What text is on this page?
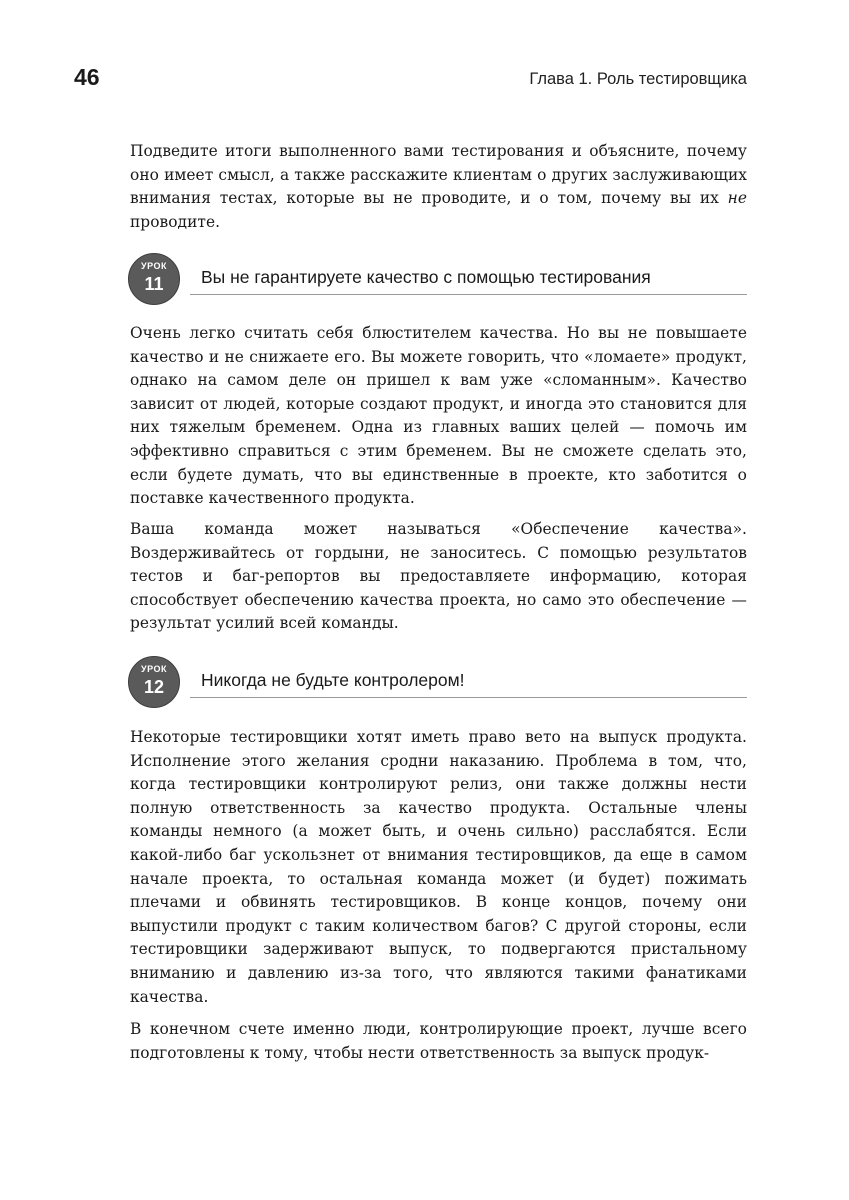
46	Глава 1. Роль тестировщика

Подведите итоги выполненного вами тестирования и объясните, почему оно имеет смысл, а также расскажите клиентам о других заслуживающих внимания тестах, которые вы не проводите, и о том, почему вы их не проводите.

УРОК
11	Вы не гарантируете качество с помощью тестирования

Очень легко считать себя блюстителем качества. Но вы не повышаете качество и не снижаете его. Вы можете говорить, что «ломаете» продукт, однако на самом деле он пришел к вам уже «сломанным». Качество зависит от людей, которые создают продукт, и иногда это становится для них тяжелым бременем. Одна из главных ваших целей — помочь им эффективно справиться с этим бременем. Вы не сможете сделать это, если будете думать, что вы единственные в проекте, кто заботится о поставке качественного продукта.

Ваша команда может называться «Обеспечение качества». Воздерживайтесь от гордыни, не заноситесь. С помощью результатов тестов и баг-репортов вы предоставляете информацию, которая способствует обеспечению качества проекта, но само это обеспечение — результат усилий всей команды.

УРОК
12	Никогда не будьте контролером!

Некоторые тестировщики хотят иметь право вето на выпуск продукта. Исполнение этого желания сродни наказанию. Проблема в том, что, когда тестировщики контролируют релиз, они также должны нести полную ответственность за качество продукта. Остальные члены команды немного (а может быть, и очень сильно) расслабятся. Если какой-либо баг ускользнет от внимания тестировщиков, да еще в самом начале проекта, то остальная команда может (и будет) пожимать плечами и обвинять тестировщиков. В конце концов, почему они выпустили продукт с таким количеством багов? С другой стороны, если тестировщики задерживают выпуск, то подвергаются пристальному вниманию и давлению из-за того, что являются такими фанатиками качества.

В конечном счете именно люди, контролирующие проект, лучше всего подготовлены к тому, чтобы нести ответственность за выпуск продук-
